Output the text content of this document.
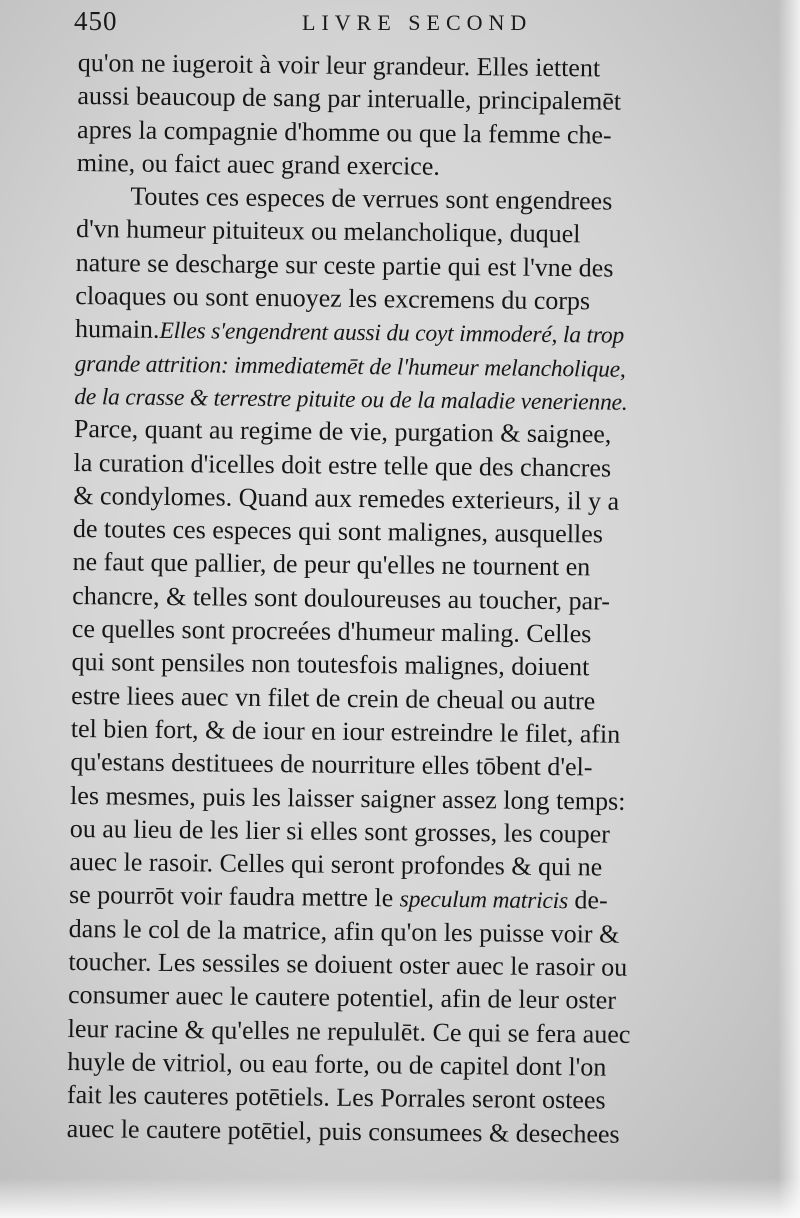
450	LIVRE SECOND
qu'on ne iugeroit à voir leur grandeur. Elles iettent
aussi beaucoup de sang par interualle, principalemēt
apres la compagnie d'homme ou que la femme che-
mine, ou faict auec grand exercice.
Toutes ces especes de verrues sont engendrees
d'vn humeur pituiteux ou melancholique, duquel
nature se descharge sur ceste partie qui est l'vne des
cloaques ou sont enuoyez les excremens du corps
humain.Elles s'engendrent aussi du coyt immoderé, la trop
grande attrition: immediatemēt de l'humeur melancholique,
de la crasse & terrestre pituite ou de la maladie venerienne.
Parce, quant au regime de vie, purgation & saignee,
la curation d'icelles doit estre telle que des chancres
& condylomes. Quand aux remedes exterieurs, il y a
de toutes ces especes qui sont malignes, ausquelles
ne faut que pallier, de peur qu'elles ne tournent en
chancre, & telles sont douloureuses au toucher, par-
ce quelles sont procreées d'humeur maling. Celles
qui sont pensiles non toutesfois malignes, doiuent
estre liees auec vn filet de crein de cheual ou autre
tel bien fort, & de iour en iour estreindre le filet, afin
qu'estans destituees de nourriture elles tōbent d'el-
les mesmes, puis les laisser saigner assez long temps:
ou au lieu de les lier si elles sont grosses, les couper
auec le rasoir. Celles qui seront profondes & qui ne
se pourrōt voir faudra mettre le speculum matricis de-
dans le col de la matrice, afin qu'on les puisse voir &
toucher. Les sessiles se doiuent oster auec le rasoir ou
consumer auec le cautere potentiel, afin de leur oster
leur racine & qu'elles ne repululēt. Ce qui se fera auec
huyle de vitriol, ou eau forte, ou de capitel dont l'on
fait les cauteres potētiels. Les Porrales seront ostees
auec le cautere potētiel, puis consumees & desechees
